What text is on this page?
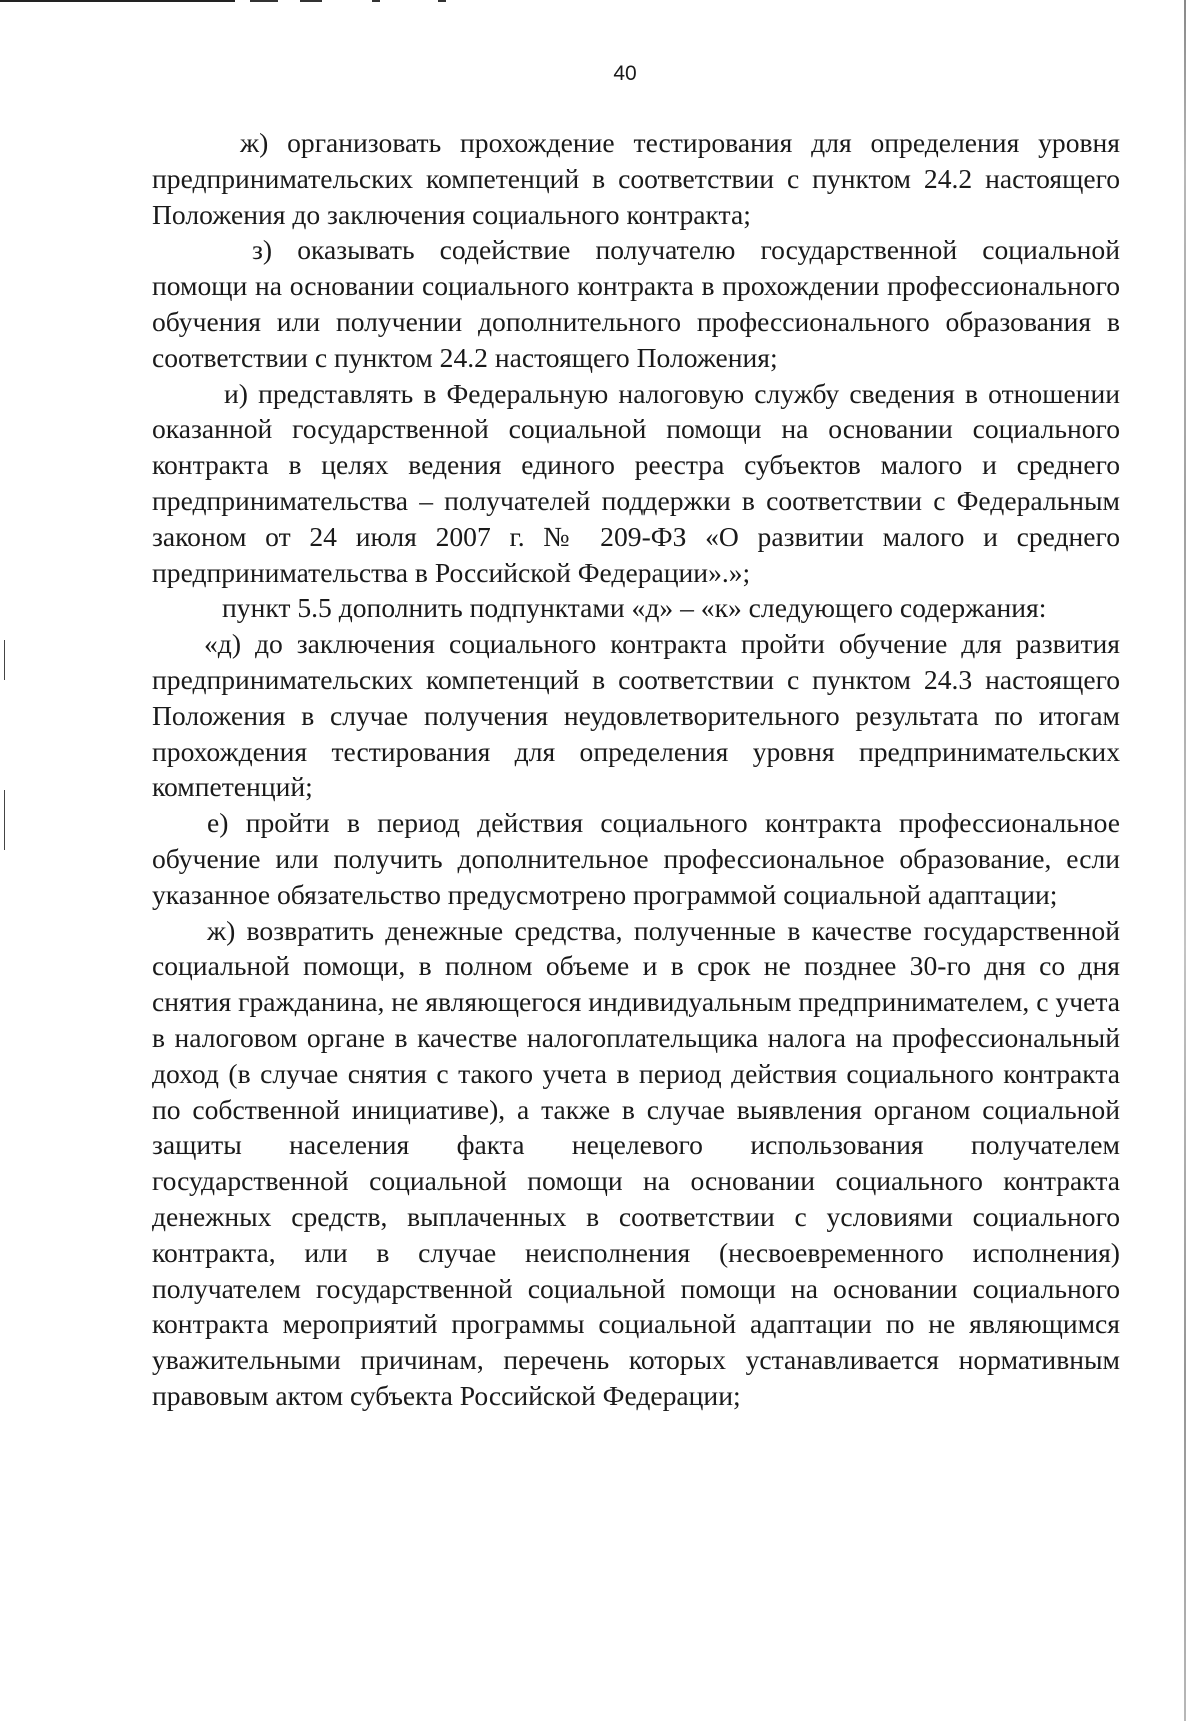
40

ж) организовать прохождение тестирования для определения уровня предпринимательских компетенций в соответствии с пунктом 24.2 настоящего Положения до заключения социального контракта;

з) оказывать содействие получателю государственной социальной помощи на основании социального контракта в прохождении профессионального обучения или получении дополнительного профессионального образования в соответствии с пунктом 24.2 настоящего Положения;

и) представлять в Федеральную налоговую службу сведения в отношении оказанной государственной социальной помощи на основании социального контракта в целях ведения единого реестра субъектов малого и среднего предпринимательства – получателей поддержки в соответствии с Федеральным законом от 24 июля 2007 г. № 209-ФЗ «О развитии малого и среднего предпринимательства в Российской Федерации».»;

пункт 5.5 дополнить подпунктами «д» – «к» следующего содержания:

«д) до заключения социального контракта пройти обучение для развития предпринимательских компетенций в соответствии с пунктом 24.3 настоящего Положения в случае получения неудовлетворительного результата по итогам прохождения тестирования для определения уровня предпринимательских компетенций;

е) пройти в период действия социального контракта профессиональное обучение или получить дополнительное профессиональное образование, если указанное обязательство предусмотрено программой социальной адаптации;

ж) возвратить денежные средства, полученные в качестве государственной социальной помощи, в полном объеме и в срок не позднее 30-го дня со дня снятия гражданина, не являющегося индивидуальным предпринимателем, с учета в налоговом органе в качестве налогоплательщика налога на профессиональный доход (в случае снятия с такого учета в период действия социального контракта по собственной инициативе), а также в случае выявления органом социальной защиты населения факта нецелевого использования получателем государственной социальной помощи на основании социального контракта денежных средств, выплаченных в соответствии с условиями социального контракта, или в случае неисполнения (несвоевременного исполнения) получателем государственной социальной помощи на основании социального контракта мероприятий программы социальной адаптации по не являющимся уважительными причинам, перечень которых устанавливается нормативным правовым актом субъекта Российской Федерации;
